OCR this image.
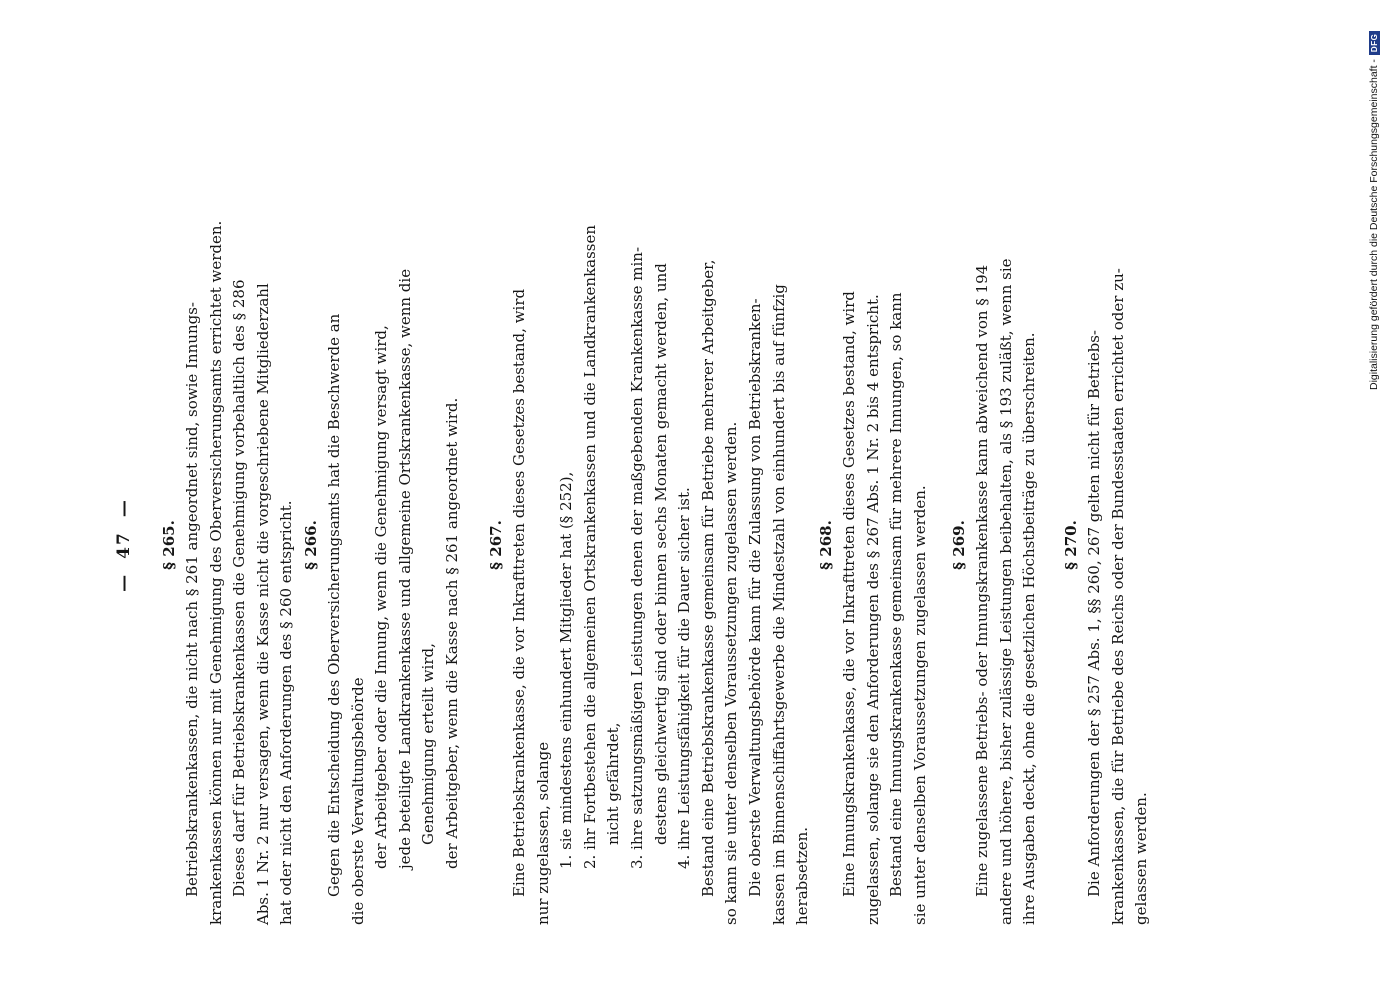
—
47
—
§ 265. Betriebskrankenkassen, die nicht nach § 261 angeordnet sind, sowie Innungs- krankenkassen können nur mit Genehmigung des Oberversicherungsamts errichtet werden. Dieses darf für Betriebskrankenkassen die Genehmigung vorbehaltlich des § 286 Abs. 1 Nr. 2 nur versagen, wenn die Kasse nicht die vorgeschriebene Mitgliederzahl hat oder nicht den Anforderungen des § 260 entspricht. § 266. Gegen die Entscheidung des Oberversicherungsamts hat die Beschwerde an die oberste Verwaltungsbehörde der Arbeitgeber oder die Innung, wenn die Genehmigung versagt wird, jede beteiligte Landkrankenkasse und allgemeine Ortskrankenkasse, wenn die Genehmigung erteilt wird, der Arbeitgeber, wenn die Kasse nach § 261 angeordnet wird. § 267. Eine Betriebskrankenkasse, die vor Inkrafttreten dieses Gesetzes bestand, wird nur zugelassen, solange 1. sie mindestens einhundert Mitglieder hat (§ 252), 2. ihr Fortbestehen die allgemeinen Ortskrankenkassen und die Landkrankenkassen nicht gefährdet, 3. ihre satzungsmäßigen Leistungen denen der maßgebenden Krankenkasse min- destens gleichwertig sind oder binnen sechs Monaten gemacht werden, und 4. ihre Leistungsfähigkeit für die Dauer sicher ist. Bestand eine Betriebskrankenkasse gemeinsam für Betriebe mehrerer Arbeitgeber, so kann sie unter denselben Voraussetzungen zugelassen werden. Die oberste Verwaltungsbehörde kann für die Zulassung von Betriebskranken- kassen im Binnenschiffahrtsgewerbe die Mindestzahl von einhundert bis auf fünfzig herabsetzen.
§ 268. Eine Innungskrankenkasse, die vor Inkrafttreten dieses Gesetzes bestand, wird zugelassen, solange sie den Anforderungen des § 267 Abs. 1 Nr. 2 bis 4 entspricht. Bestand eine Innungskrankenkasse gemeinsam für mehrere Innungen, so kann sie unter denselben Voraussetzungen zugelassen werden. § 269. Eine zugelassene Betriebs- oder Innungskrankenkasse kann abweichend von § 194 andere und höhere, bisher zulässige Leistungen beibehalten, als § 193 zuläßt, wenn sie ihre Ausgaben deckt, ohne die gesetzlichen Höchstbeiträge zu überschreiten. § 270. Die Anforderungen der § 257 Abs. 1, §§ 260, 267 gelten nicht für Betriebs- krankenkassen, die für Betriebe des Reichs oder der Bundesstaaten errichtet oder zu- gelassen werden.
Digitalisierung gefördert durch die Deutsche Forschungsgemeinschaft -
DFG
